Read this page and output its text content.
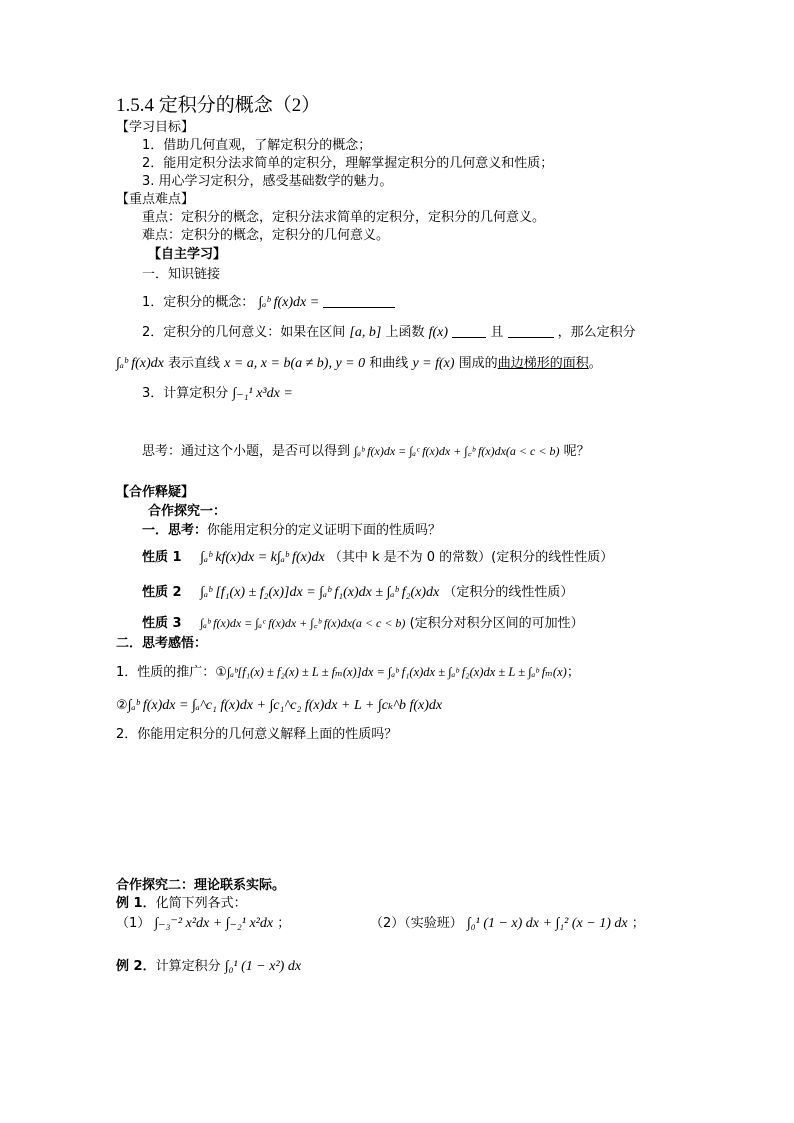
1.5.4 定积分的概念（2）
【学习目标】
1．借助几何直观，了解定积分的概念；
2．能用定积分法求简单的定积分，理解掌握定积分的几何意义和性质；
3. 用心学习定积分，感受基础数学的魅力。
【重点难点】
重点：定积分的概念，定积分法求简单的定积分，定积分的几何意义。
难点：定积分的概念，定积分的几何意义。
【自主学习】
一．知识链接
1．定积分的概念： ∫ₐᵇ f(x)dx =
2．定积分的几何意义：如果在区间 [a, b] 上函数 f(x)	且	，那么定积分
∫ₐᵇ f(x)dx 表示直线 x = a, x = b(a ≠ b), y = 0 和曲线 y = f(x) 围成的曲边梯形的面积。
3．计算定积分 ∫₋₁¹ x³dx =
思考：通过这个小题，是否可以得到 ∫ₐᵇ f(x)dx = ∫ₐᶜ f(x)dx + ∫꜀ᵇ f(x)dx(a < c < b) 呢？
【合作释疑】
合作探究一：
一．思考：你能用定积分的定义证明下面的性质吗？
性质 1 ∫ₐᵇ kf(x)dx = k∫ₐᵇ f(x)dx （其中 k 是不为 0 的常数）(定积分的线性性质）
性质 2 ∫ₐᵇ [f₁(x) ± f₂(x)]dx = ∫ₐᵇ f₁(x)dx ± ∫ₐᵇ f₂(x)dx （定积分的线性性质）
性质 3 ∫ₐᵇ f(x)dx = ∫ₐᶜ f(x)dx + ∫꜀ᵇ f(x)dx(a < c < b) (定积分对积分区间的可加性）
二．思考感悟：
1．性质的推广：①∫ₐᵇ[f₁(x) ± f₂(x) ± L ± fₘ(x)]dx = ∫ₐᵇ f₁(x)dx ± ∫ₐᵇ f₂(x)dx ± L ± ∫ₐᵇ fₘ(x)；
②∫ₐᵇ f(x)dx = ∫ₐ^c₁ f(x)dx + ∫c₁^c₂ f(x)dx + L + ∫cₖ^b f(x)dx
2．你能用定积分的几何意义解释上面的性质吗？
合作探究二：理论联系实际。
例 1．化简下列各式：
（1） ∫₋₃⁻² x²dx + ∫₋₂¹ x²dx ；	（2）（实验班） ∫₀¹ (1 − x) dx + ∫₁² (x − 1) dx ；
例 2．计算定积分 ∫₀¹ (1 − x²) dx
